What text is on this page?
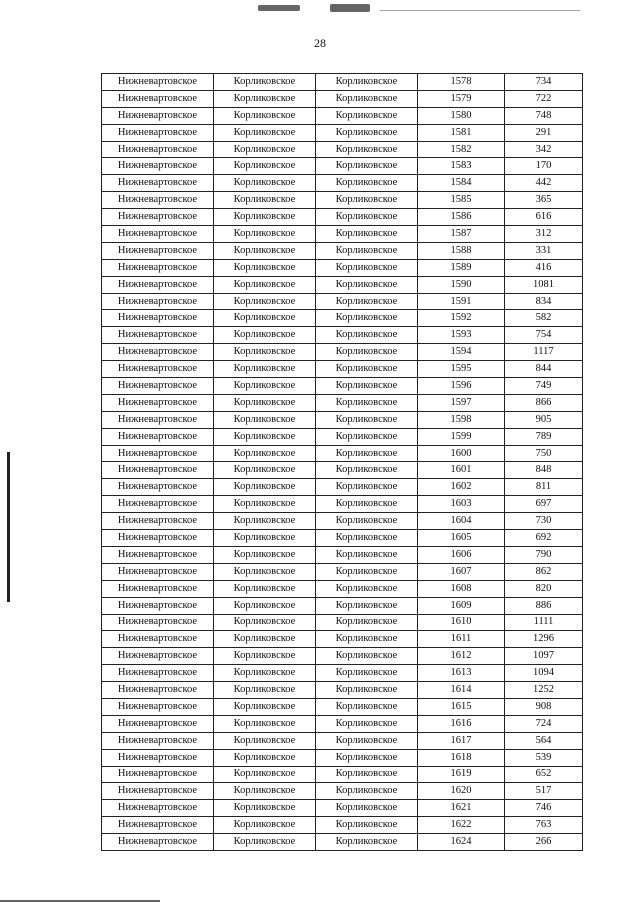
28
Нижневартовское	Корликовское	Корликовское	1578	734
Нижневартовское	Корликовское	Корликовское	1579	722
Нижневартовское	Корликовское	Корликовское	1580	748
Нижневартовское	Корликовское	Корликовское	1581	291
Нижневартовское	Корликовское	Корликовское	1582	342
Нижневартовское	Корликовское	Корликовское	1583	170
Нижневартовское	Корликовское	Корликовское	1584	442
Нижневартовское	Корликовское	Корликовское	1585	365
Нижневартовское	Корликовское	Корликовское	1586	616
Нижневартовское	Корликовское	Корликовское	1587	312
Нижневартовское	Корликовское	Корликовское	1588	331
Нижневартовское	Корликовское	Корликовское	1589	416
Нижневартовское	Корликовское	Корликовское	1590	1081
Нижневартовское	Корликовское	Корликовское	1591	834
Нижневартовское	Корликовское	Корликовское	1592	582
Нижневартовское	Корликовское	Корликовское	1593	754
Нижневартовское	Корликовское	Корликовское	1594	1117
Нижневартовское	Корликовское	Корликовское	1595	844
Нижневартовское	Корликовское	Корликовское	1596	749
Нижневартовское	Корликовское	Корликовское	1597	866
Нижневартовское	Корликовское	Корликовское	1598	905
Нижневартовское	Корликовское	Корликовское	1599	789
Нижневартовское	Корликовское	Корликовское	1600	750
Нижневартовское	Корликовское	Корликовское	1601	848
Нижневартовское	Корликовское	Корликовское	1602	811
Нижневартовское	Корликовское	Корликовское	1603	697
Нижневартовское	Корликовское	Корликовское	1604	730
Нижневартовское	Корликовское	Корликовское	1605	692
Нижневартовское	Корликовское	Корликовское	1606	790
Нижневартовское	Корликовское	Корликовское	1607	862
Нижневартовское	Корликовское	Корликовское	1608	820
Нижневартовское	Корликовское	Корликовское	1609	886
Нижневартовское	Корликовское	Корликовское	1610	1111
Нижневартовское	Корликовское	Корликовское	1611	1296
Нижневартовское	Корликовское	Корликовское	1612	1097
Нижневартовское	Корликовское	Корликовское	1613	1094
Нижневартовское	Корликовское	Корликовское	1614	1252
Нижневартовское	Корликовское	Корликовское	1615	908
Нижневартовское	Корликовское	Корликовское	1616	724
Нижневартовское	Корликовское	Корликовское	1617	564
Нижневартовское	Корликовское	Корликовское	1618	539
Нижневартовское	Корликовское	Корликовское	1619	652
Нижневартовское	Корликовское	Корликовское	1620	517
Нижневартовское	Корликовское	Корликовское	1621	746
Нижневартовское	Корликовское	Корликовское	1622	763
Нижневартовское	Корликовское	Корликовское	1624	266
